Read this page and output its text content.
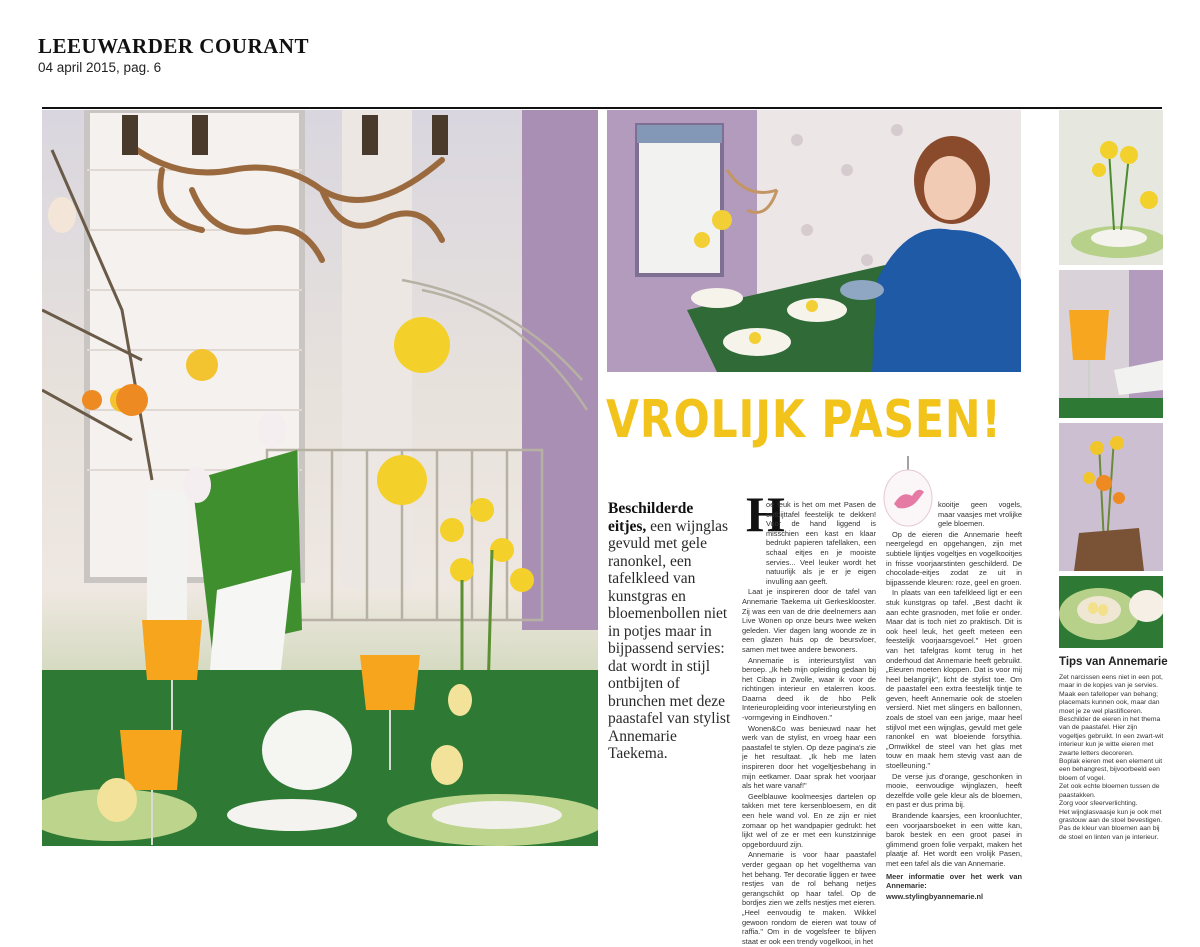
LEEUWARDER COURANT
04 april 2015, pag. 6
VROLIJK PASEN!
Beschilderde eitjes, een wijnglas gevuld met gele ranonkel, een tafelkleed van kunstgras en bloemenbollen niet in potjes maar in bijpassend servies: dat wordt in stijl ontbijten of brunchen met deze paastafel van stylist Annemarie Taekema.
H

oe leuk is het om met Pasen de ontbijttafel feestelijk te dekken! Voor de hand liggend is misschien een kast en klaar bedrukt papieren tafellaken, een schaal eitjes en je mooiste servies... Veel leuker wordt het natuurlijk als je er je eigen invulling aan geeft.

Laat je inspireren door de tafel van Annemarie Taekema uit Gerkesklooster. Zij was een van de drie deelnemers aan Live Wonen op onze beurs twee weken geleden. Vier dagen lang woonde ze in een glazen huis op de beursvloer, samen met twee andere bewoners.

Annemarie is interieurstylist van beroep. „Ik heb mijn opleiding gedaan bij het Cibap in Zwolle, waar ik voor de richtingen interieur en etalerren koos. Daarna deed ik de hbo Pelk Interieuropleiding voor interieurstyling en -vormgeving in Eindhoven."

Wonen&Co was benieuwd naar het werk van de stylist, en vroeg haar een paastafel te stylen. Op deze pagina's zie je het resultaat. „Ik heb me laten inspireren door het vogeltjesbehang in mijn eetkamer. Daar sprak het voorjaar als het ware vanaf!"

Geelblauwe koolmeesjes dartelen op takken met tere kersenbloesem, en dit een hele wand vol. En ze zijn er niet zomaar op het wandpapier gedrukt: het lijkt wel of ze er met een kunstzinnige opgeborduurd zijn.

Annemarie is voor haar paastafel verder gegaan op het vogelthema van het behang. Ter decoratie liggen er twee restjes van de rol behang netjes gerangschikt op haar tafel. Op de bordjes zien we zelfs nestjes met eieren. „Heel eenvoudig te maken. Wikkel gewoon rondom de eieren wat touw of raffia." Om in de vogelsfeer te blijven staat er ook een trendy vogelkooi, in het

kooitje geen vogels, maar vaasjes met vrolijke gele bloemen.

Op de eieren die Annemarie heeft neergelegd en opgehangen, zijn met subtiele lijntjes vogeltjes en vogelkooitjes in frisse voorjaarstinten geschilderd. De chocolade-eitjes zodat ze uit in bijpassende kleuren: roze, geel en groen.

In plaats van een tafelkleed ligt er een stuk kunstgras op tafel. „Best dacht ik aan echte grasnoden, met folie er onder. Maar dat is toch niet zo praktisch. Dit is ook heel leuk, het geeft meteen een feestelijk voorjaarsgevoel." Het groen van het tafelgras komt terug in het onderhoud dat Annemarie heeft gebruikt. „Eieuren moeten kloppen. Dat is voor mij heel belangrijk", licht de stylist toe. Om de paastafel een extra feestelijk tintje te geven, heeft Annemarie ook de stoelen versierd. Niet met slingers en ballonnen, zoals de stoel van een jarige, maar heel stijlvol met een wijnglas, gevuld met gele ranonkel en wat bloeiende forsythia. „Omwikkel de steel van het glas met touw en maak hem stevig vast aan de stoelleuning."

De verse jus d'orange, geschonken in mooie, eenvoudige wijnglazen, heeft dezelfde volle gele kleur als de bloemen, en past er dus prima bij.

Brandende kaarsjes, een kroonluchter, een voorjaarsboeket in een witte kan, barok bestek en een groot pasei in glimmend groen folie verpakt, maken het plaatje af. Het wordt een vrolijk Pasen, met een tafel als die van Annemarie.

Meer informatie over het werk van Annemarie:

www.stylingbyannemarie.nl

Tips van Annemarie

Zet narcissen eens niet in een pot, maar in de kopjes van je servies.

Maak een tafelloper van behang; placemats kunnen ook, maar dan moet je ze wel plastificeren.

Beschilder de eieren in het thema van de paastafel. Hier zijn vogeltjes gebruikt. In een zwart-wit interieur kun je witte eieren met zwarte letters decoreren.

Boplak eieren met een element uit een behangrest, bijvoorbeeld een bloem of vogel.

Zet ook echte bloemen tussen de paastakken.

Zorg voor sfeerverlichting.

Het wijnglasvaasje kun je ook met grastouw aan de stoel bevestigen.

Pas de kleur van bloemen aan bij de stoel en linten van je interieur.
